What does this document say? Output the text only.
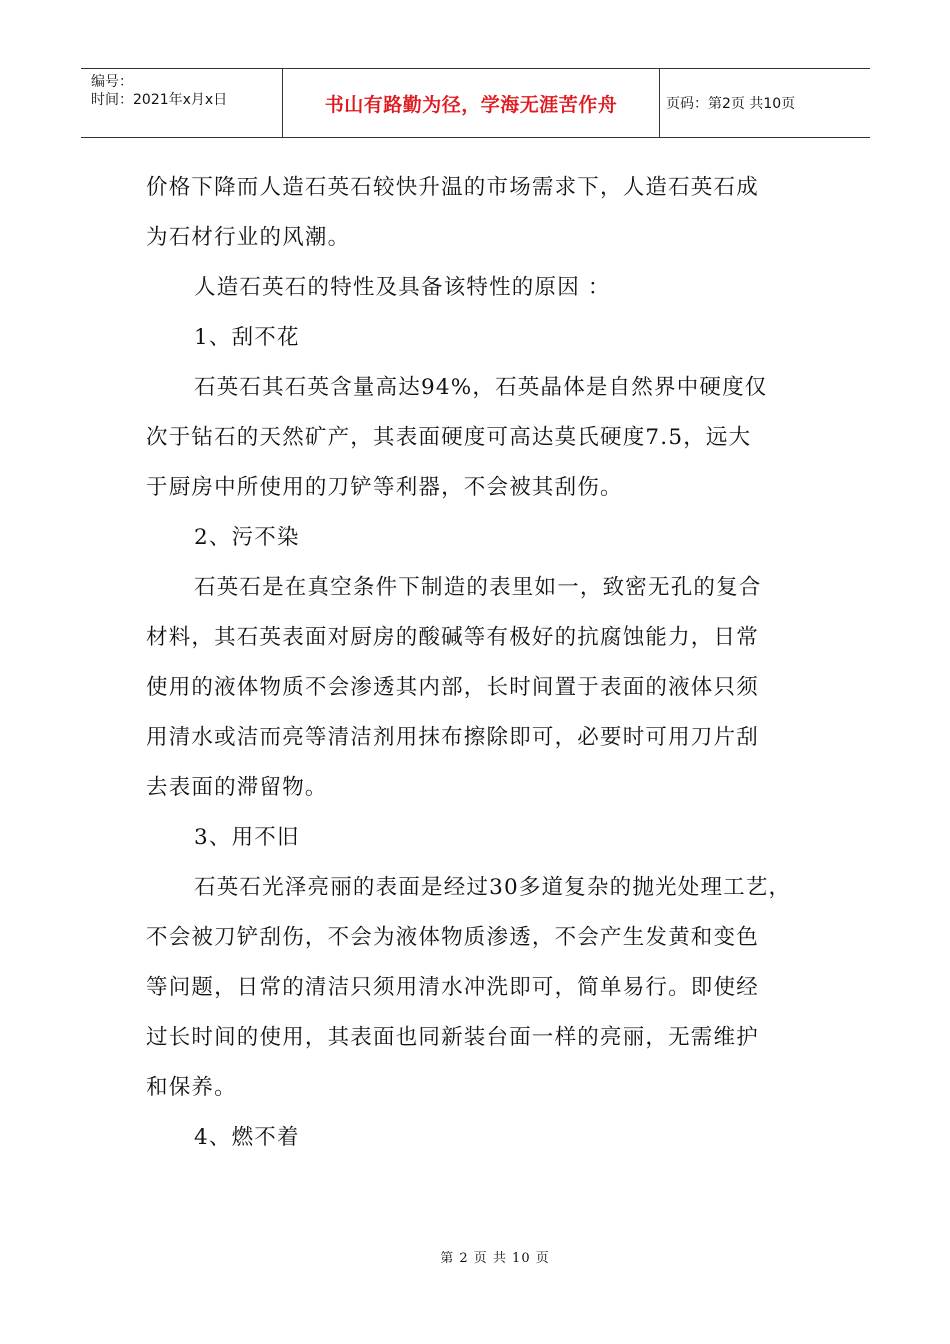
编号：
时间：2021年x月x日	书山有路勤为径，学海无涯苦作舟	页码：第2页 共10页

价格下降而人造石英石较快升温的市场需求下，人造石英石成

为石材行业的风潮。

人造石英石的特性及具备该特性的原因 ：

1、刮不花

石英石其石英含量高达94%，石英晶体是自然界中硬度仅

次于钻石的天然矿产，其表面硬度可高达莫氏硬度7.5，远大

于厨房中所使用的刀铲等利器，不会被其刮伤。

2、污不染

石英石是在真空条件下制造的表里如一，致密无孔的复合

材料，其石英表面对厨房的酸碱等有极好的抗腐蚀能力，日常

使用的液体物质不会渗透其内部，长时间置于表面的液体只须

用清水或洁而亮等清洁剂用抹布擦除即可，必要时可用刀片刮

去表面的滞留物。

3、用不旧

石英石光泽亮丽的表面是经过30多道复杂的抛光处理工艺，

不会被刀铲刮伤，不会为液体物质渗透，不会产生发黄和变色

等问题，日常的清洁只须用清水冲洗即可，简单易行。即使经

过长时间的使用，其表面也同新装台面一样的亮丽，无需维护

和保养。

4、燃不着

第 2 页 共 10 页
